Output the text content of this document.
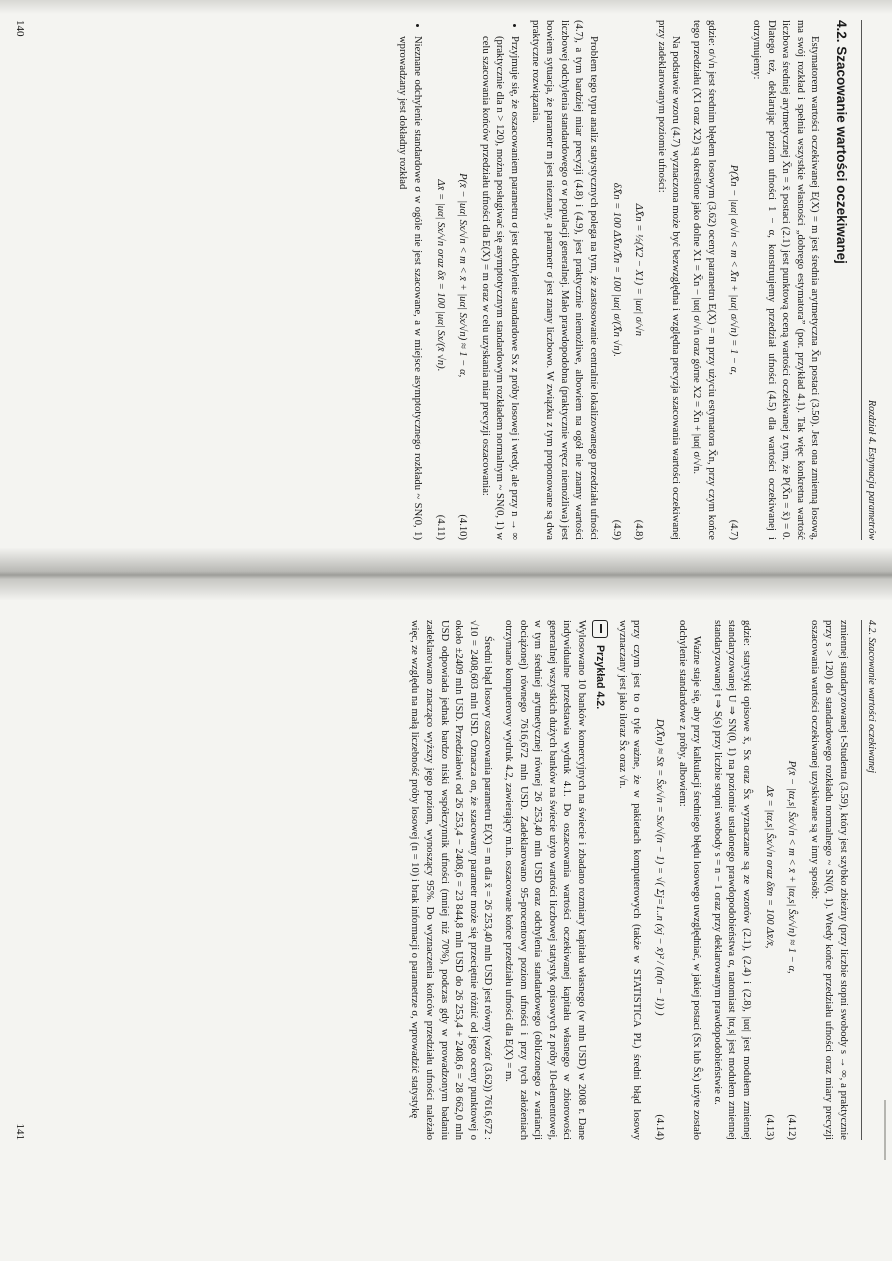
Rozdział 4. Estymacja parametrów
4.2. Szacowanie wartości oczekiwanej

Estymatorem wartości oczekiwanej E(X) = m jest średnia arytmetyczna X̄n postaci (3.50). Jest ona zmienną losową, ma swój rozkład i spełnia wszystkie własności „dobrego estymatora” (por. przykład 4.1). Tak więc konkretna wartość liczbowa średniej arytmetycznej X̄n = x̄ postaci (2.1) jest punktową oceną wartości oczekiwanej z tym, że P(X̄n = x̄) = 0. Dlatego też, deklarując poziom ufności 1 − α, konstruujemy przedział ufności (4.5) dla wartości oczekiwanej i otrzymujemy:

P(X̄n − |uα| σ/√n < m < X̄n + |uα| σ/√n) = 1 − α,
(4.7)

gdzie: σ/√n jest średnim błędem losowym (3.62) oceny parametru E(X) = m przy użyciu estymatora X̄n, przy czym końce tego przedziału (X1 oraz X2) są określone jako dolne X1 = X̄n − |uα| σ/√n oraz górne X2 = X̄n + |uα| σ/√n.

Na podstawie wzoru (4.7) wyznaczona może być bezwzględna i względna precyzja szacowania wartości oczekiwanej przy zadeklarowanym poziomie ufności:

ΔX̄n = ½(X2 − X1) = |uα| σ/√n
(4.8)
δX̄n = 100 ΔX̄n/X̄n = 100 |uα| σ/(X̄n √n).
(4.9)

Problem tego typu analiz statystycznych polega na tym, że zastosowanie centralnie lokalizowanego przedziału ufności (4.7), a tym bardziej miar precyzji (4.8) i (4.9), jest praktycznie niemożliwe, albowiem na ogół nie znamy wartości liczbowej odchylenia standardowego σ w populacji generalnej. Mało prawdopodobna (praktycznie wręcz niemożliwa) jest bowiem sytuacja, że parametr m jest nieznany, a parametr σ jest znany liczbowo. W związku z tym proponowane są dwa praktyczne rozwiązania.

• Przyjmuje się, że oszacowaniem parametru σ jest odchylenie standardowe Sx z próby losowej i wtedy, ale przy n → ∞ (praktycznie dla n > 120), można posługiwać się asymptotycznym standardowym rozkładem normalnym ~ SN(0, 1) w celu szacowania końców przedziału ufności dla E(X) = m oraz w celu uzyskania miar precyzji oszacowania:
P(x̄ − |uα| Sx/√n < m < x̄ + |uα| Sx/√n) ≈ 1 − α,
(4.10)
Δx̄ = |uα| Sx/√n oraz δx̄ = 100 |uα| Sx/(x̄ √n).
(4.11)
• Nieznane odchylenie standardowe σ w ogóle nie jest szacowane, a w miejsce asymptotycznego rozkładu ~ SN(0, 1) wprowadzany jest dokładny rozkład
140
4.2. Szacowanie wartości oczekiwanej

zmiennej standaryzowanej t-Studenta (3.59), który jest szybko zbieżny (przy liczbie stopni swobody s → ∞, a praktycznie przy s > 120) do standardowego rozkładu normalnego ~ SN(0, 1). Wtedy końce przedziału ufności oraz miary precyzji oszacowania wartości oczekiwanej uzyskiwane są w inny sposób:

P(x̄ − |tα,s| Ŝx/√n < m < x̄ + |tα,s| Ŝx/√n) ≈ 1 − α,
(4.12)
Δx̄ = |tα,s| Ŝx/√n oraz δx̄n = 100 Δx̄/x̄,
(4.13)

gdzie: statystyki opisowe x̄, Sx oraz Ŝx wyznaczane są ze wzorów (2.1), (2.4) i (2.8), |uα| jest modułem zmiennej standaryzowanej U ⇒ SN(0, 1) na poziomie ustalonego prawdopodobieństwa α, natomiast |tα,s| jest modułem zmiennej standaryzowanej t ⇒ S(s) przy liczbie stopni swobody s = n − 1 oraz przy deklarowanym prawdopodobieństwie α.

Ważne staje się, aby przy kalkulacji średniego błędu losowego uwzględniać, w jakiej postaci (Sx lub Ŝx) użyte zostało odchylenie standardowe z próby, albowiem:

D(X̄n) ≈ Sx̄ = Ŝx/√n = Sx/√(n − 1) = √( Σj=1..n (xj − x̄)² / (n(n − 1)) )
(4.14)

przy czym jest to o tyle ważne, że w pakietach komputerowych (także w STATISTICA PL) średni błąd losowy wyznaczany jest jako iloraz Ŝx oraz √n.

Przykład 4.2.

Wylosowano 10 banków komercyjnych na świecie i zbadano rozmiary kapitału własnego (w mln USD) w 2008 r. Dane indywidualne przedstawia wydruk 4.1. Do oszacowania wartości oczekiwanej kapitału własnego w zbiorowości generalnej wszystkich dużych banków na świecie użyto wartości liczbowej statystyk opisowych z próby 10-elementowej, w tym średniej arytmetycznej równej 26 253,40 mln USD oraz odchylenia standardowego (obliczonego z wariancji obciążonej) równego 7616,672 mln USD. Zadeklarowano 95-procentowy poziom ufności i przy tych założeniach otrzymano komputerowy wydruk 4.2, zawierający m.in. oszacowane końce przedziału ufności dla E(X) = m.

Średni błąd losowy oszacowania parametru E(X) = m dla x̄ = 26 253,40 mln USD jest równy (wzór (3.62)) 7616,672 : √10 = 2408,603 mln USD. Oznacza on, że szacowany parametr może się przeciętnie różnić od jego oceny punktowej o około ±2409 mln USD. Przedziałowi od 26 253,4 − 2408,6 = 23 844,8 mln USD do 26 253,4 + 2408,6 = 28 662,0 mln USD odpowiada jednak bardzo niski współczynnik ufności (mniej niż 70%), podczas gdy w prowadzonym badaniu zadeklarowano znacząco wyższy jego poziom, wynoszący 95%. Do wyznaczenia końców przedziału ufności należało więc, ze względu na małą liczebność próby losowej (n = 10) i brak informacji o parametrze σ, wprowadzić statystykę

141
